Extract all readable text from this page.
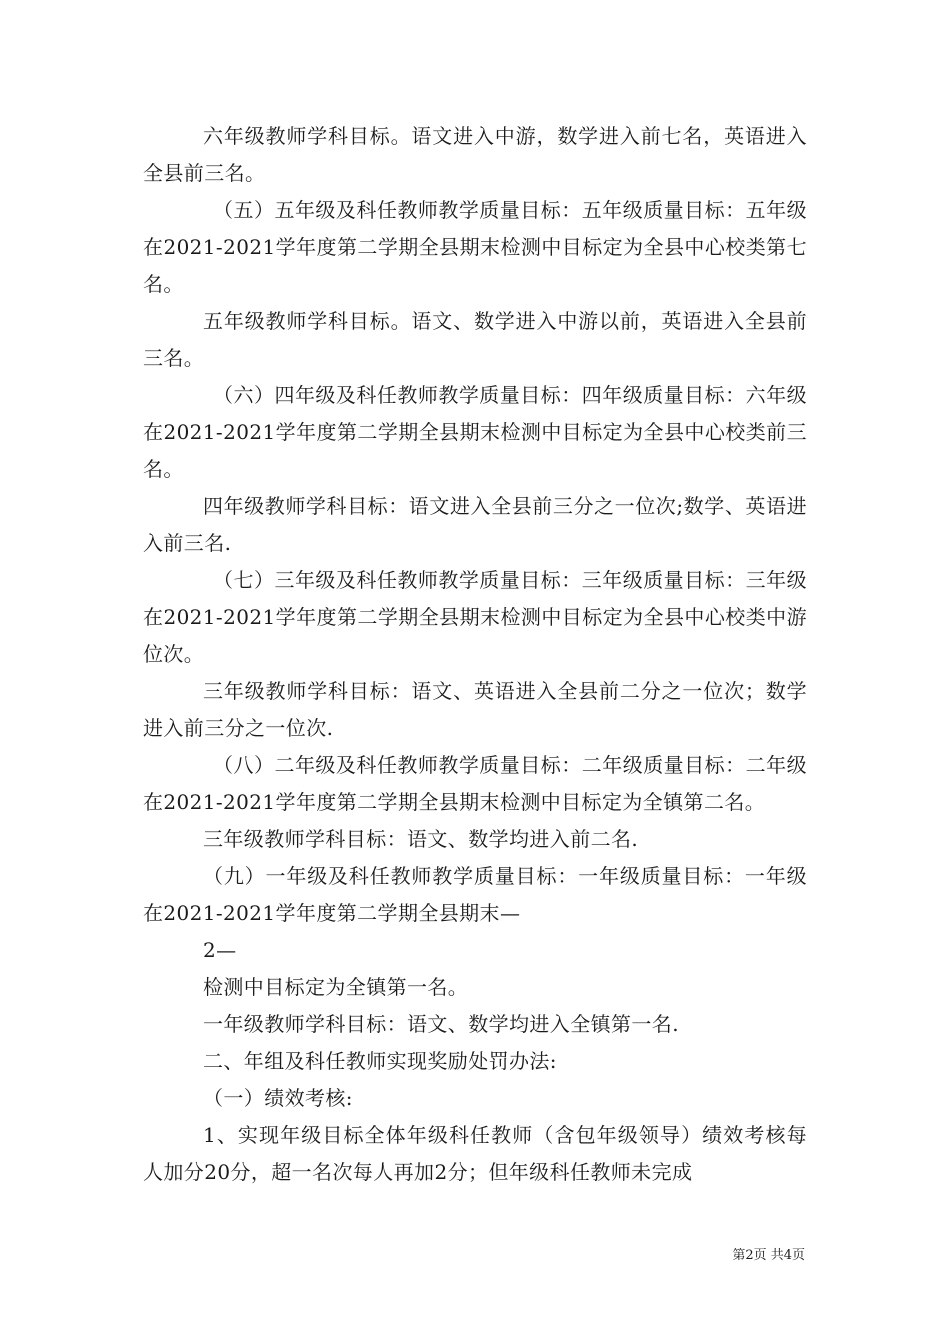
六年级教师学科目标。语文进入中游，数学进入前七名，英语进入全县前三名。

（五）五年级及科任教师教学质量目标：五年级质量目标：五年级在2021-2021学年度第二学期全县期末检测中目标定为全县中心校类第七名。

五年级教师学科目标。语文、数学进入中游以前，英语进入全县前三名。

（六）四年级及科任教师教学质量目标：四年级质量目标：六年级在2021-2021学年度第二学期全县期末检测中目标定为全县中心校类前三名。

四年级教师学科目标：语文进入全县前三分之一位次;数学、英语进入前三名.

（七）三年级及科任教师教学质量目标：三年级质量目标：三年级在2021-2021学年度第二学期全县期末检测中目标定为全县中心校类中游位次。

三年级教师学科目标：语文、英语进入全县前二分之一位次；数学进入前三分之一位次.

（八）二年级及科任教师教学质量目标：二年级质量目标：二年级在2021-2021学年度第二学期全县期末检测中目标定为全镇第二名。

三年级教师学科目标：语文、数学均进入前二名.

（九）一年级及科任教师教学质量目标：一年级质量目标：一年级在2021-2021学年度第二学期全县期末—

2—

检测中目标定为全镇第一名。

一年级教师学科目标：语文、数学均进入全镇第一名.

二、年组及科任教师实现奖励处罚办法:

（一）绩效考核:

1、实现年级目标全体年级科任教师（含包年级领导）绩效考核每人加分20分，超一名次每人再加2分；但年级科任教师未完成

第2页 共4页
